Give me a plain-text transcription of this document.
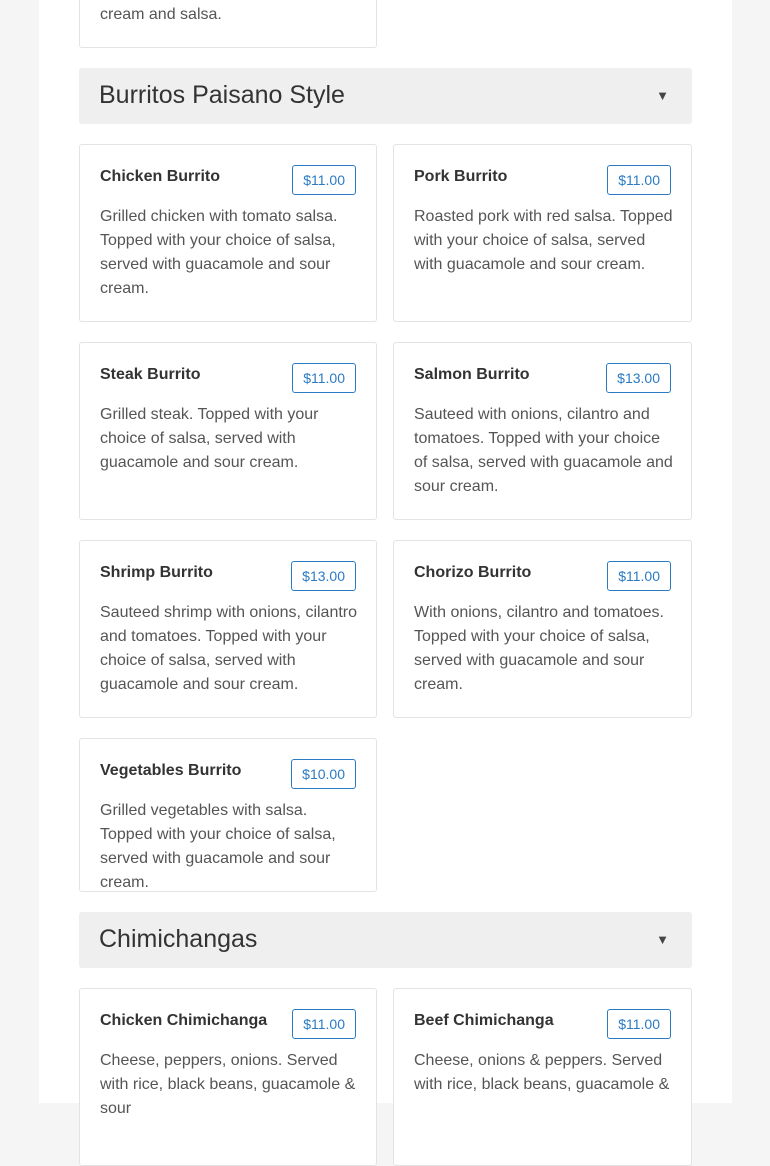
cream and salsa.
Burritos Paisano Style	▼
Chicken Burrito	$11.00
Grilled chicken with tomato salsa. Topped with your choice of salsa, served with guacamole and sour cream.
Pork Burrito	$11.00
Roasted pork with red salsa. Topped with your choice of salsa, served with guacamole and sour cream.
Steak Burrito	$11.00
Grilled steak. Topped with your choice of salsa, served with guacamole and sour cream.
Salmon Burrito	$13.00
Sauteed with onions, cilantro and tomatoes. Topped with your choice of salsa, served with guacamole and sour cream.
Shrimp Burrito	$13.00
Sauteed shrimp with onions, cilantro and tomatoes. Topped with your choice of salsa, served with guacamole and sour cream.
Chorizo Burrito	$11.00
With onions, cilantro and tomatoes. Topped with your choice of salsa, served with guacamole and sour cream.
Vegetables Burrito	$10.00
Grilled vegetables with salsa. Topped with your choice of salsa, served with guacamole and sour cream.
Chimichangas	▼
Chicken Chimichanga	$11.00
Cheese, peppers, onions. Served with rice, black beans, guacamole & sour
Beef Chimichanga	$11.00
Cheese, onions & peppers. Served with rice, black beans, guacamole &
